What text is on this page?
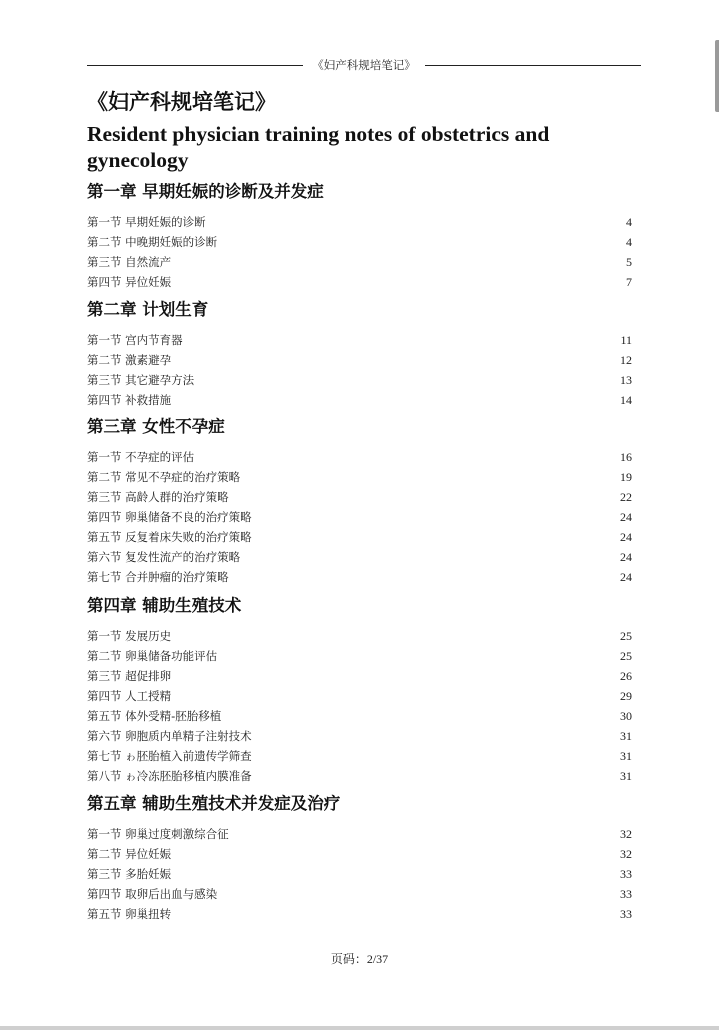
《妇产科规培笔记》
《妇产科规培笔记》
Resident physician training notes of obstetrics and gynecology
第一章 早期妊娠的诊断及并发症
第一节 早期妊娠的诊断	4
第二节 中晚期妊娠的诊断	4
第三节 自然流产	5
第四节 异位妊娠	7
第二章 计划生育
第一节 宫内节育器	11
第二节 激素避孕	12
第三节 其它避孕方法	13
第四节 补救措施	14
第三章 女性不孕症
第一节 不孕症的评估	16
第二节 常见不孕症的治疗策略	19
第三节 高龄人群的治疗策略	22
第四节 卵巢储备不良的治疗策略	24
第五节 反复着床失败的治疗策略	24
第六节 复发性流产的治疗策略	24
第七节 合并肿瘤的治疗策略	24
第四章 辅助生殖技术
第一节 发展历史	25
第二节 卵巢储备功能评估	25
第三节 超促排卵	26
第四节 人工授精	29
第五节 体外受精-胚胎移植	30
第六节 卵胞质内单精子注射技术	31
第七节 ゎ胚胎植入前遗传学筛查	31
第八节 ゎ冷冻胚胎移植内膜准备	31
第五章 辅助生殖技术并发症及治疗
第一节 卵巢过度刺激综合征	32
第二节 异位妊娠	32
第三节 多胎妊娠	33
第四节 取卵后出血与感染	33
第五节 卵巢扭转	33
页码：2/37
